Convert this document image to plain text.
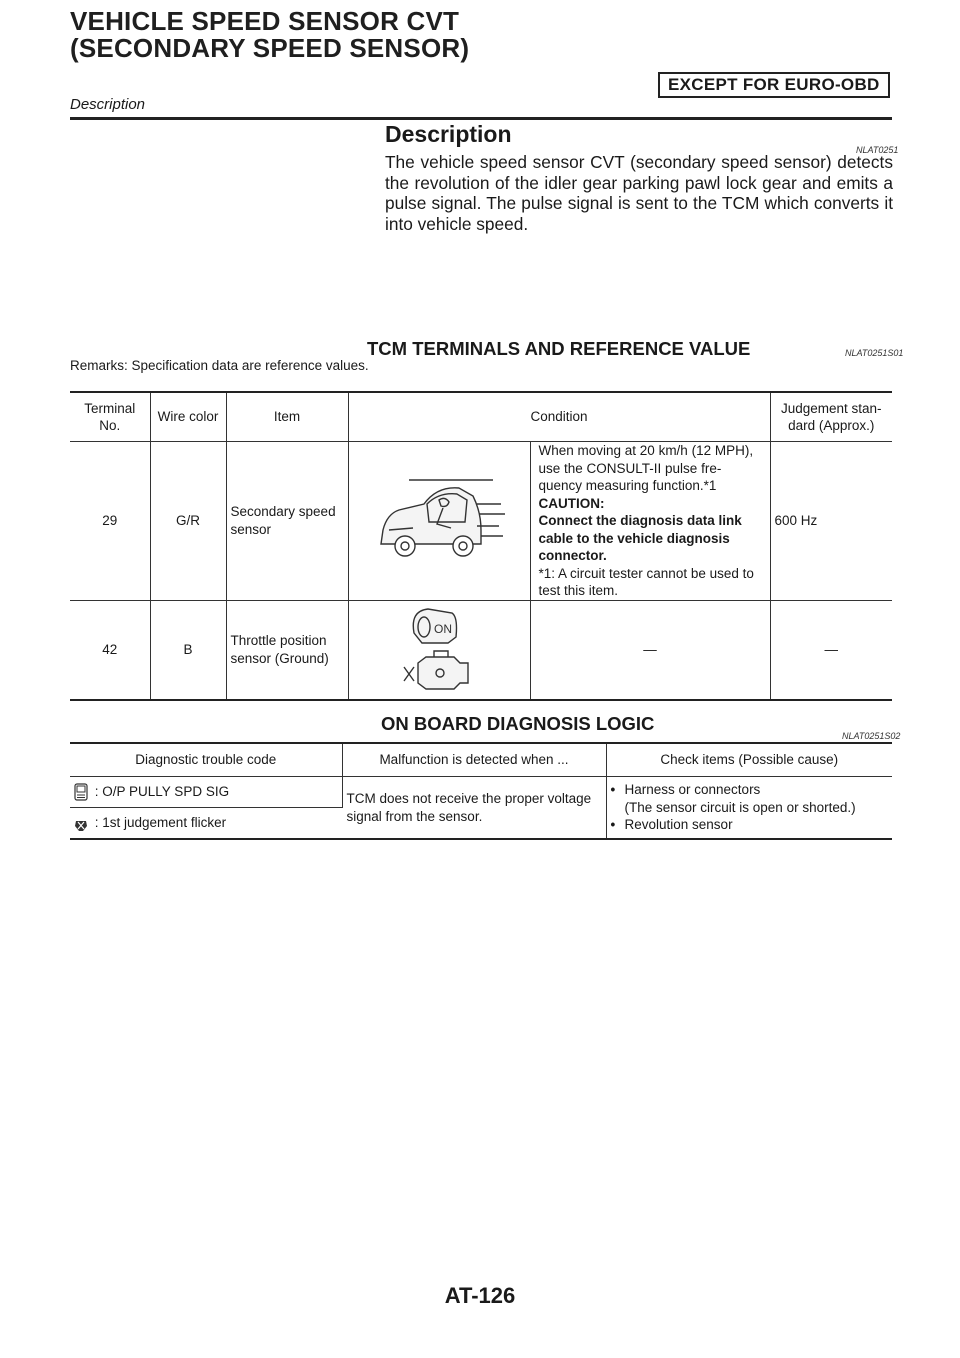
VEHICLE SPEED SENSOR CVT
(SECONDARY SPEED SENSOR)
EXCEPT FOR EURO-OBD
Description
Description
NLAT0251
The vehicle speed sensor CVT (secondary speed sensor) detects the revolution of the idler gear parking pawl lock gear and emits a pulse signal. The pulse signal is sent to the TCM which converts it into vehicle speed.
TCM TERMINALS AND REFERENCE VALUE	NLAT0251S01
Remarks: Specification data are reference values.
Terminal No.	Wire color	Item	Condition		Judgement stan- dard (Approx.)
29	G/R	Secondary speed sensor		When moving at 20 km/h (12 MPH), use the CONSULT-II pulse fre- quency measuring function.*1
CAUTION:
Connect the diagnosis data link cable to the vehicle diagnosis connector.
*1: A circuit tester cannot be used to test this item.	600 Hz
42	B	Throttle position sensor (Ground)	ON	—	—
ON BOARD DIAGNOSIS LOGIC
NLAT0251S02
Diagnostic trouble code	Malfunction is detected when ...	Check items (Possible cause)
: O/P PULLY SPD SIG	TCM does not receive the proper voltage signal from the sensor.	• Harness or connectors
(The sensor circuit is open or shorted.)
• Revolution sensor

: 1st judgement flicker		
AT-126
